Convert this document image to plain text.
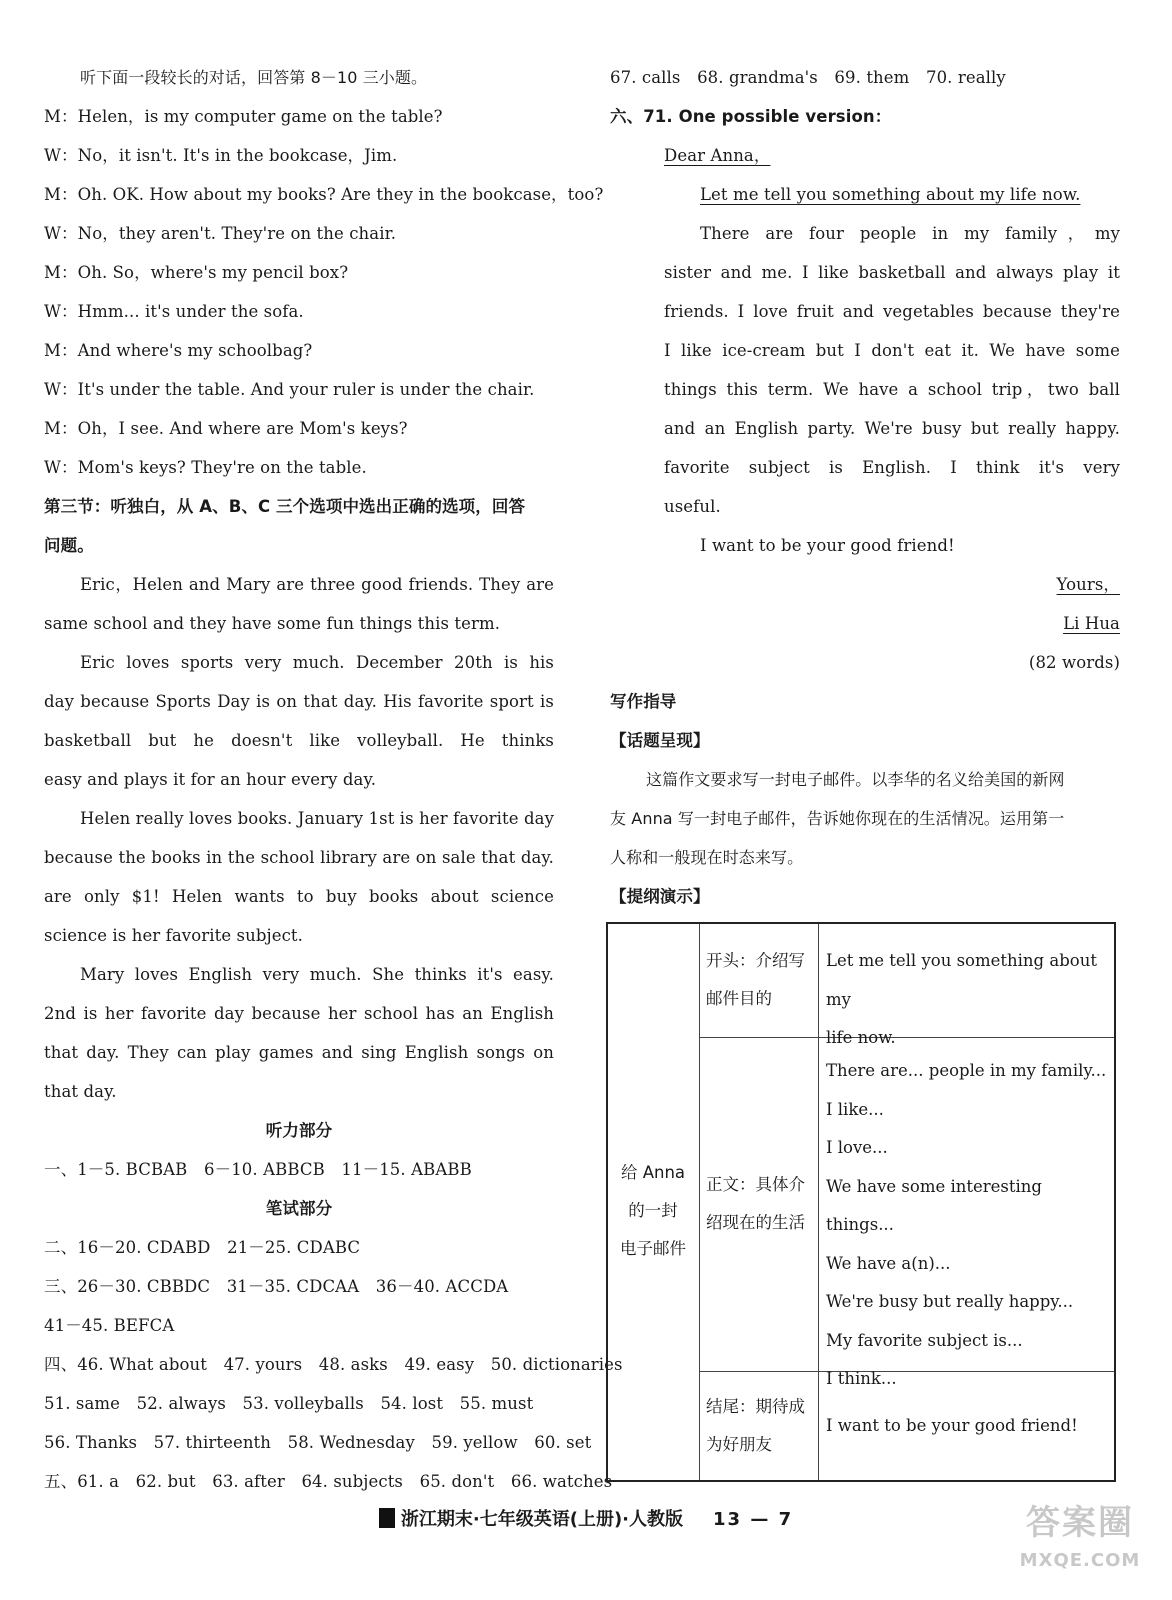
听下面一段较长的对话，回答第 8－10 三小题。
M：Helen，is my computer game on the table?
W：No，it isn't. It's in the bookcase，Jim.
M：Oh. OK. How about my books? Are they in the bookcase，too?
W：No，they aren't. They're on the chair.
M：Oh. So，where's my pencil box?
W：Hmm... it's under the sofa.
M：And where's my schoolbag?
W：It's under the table. And your ruler is under the chair.
M：Oh，I see. And where are Mom's keys?
W：Mom's keys? They're on the table.
第三节：听独白，从 A、B、C 三个选项中选出正确的选项，回答
问题。
Eric，Helen and Mary are three good friends. They are
same school and they have some fun things this term.
Eric loves sports very much. December 20th is his
day because Sports Day is on that day. His favorite sport is
basketball but he doesn't like volleyball. He thinks
easy and plays it for an hour every day.
Helen really loves books. January 1st is her favorite day
because the books in the school library are on sale that day.
are only $1! Helen wants to buy books about science
science is her favorite subject.
Mary loves English very much. She thinks it's easy.
2nd is her favorite day because her school has an English
that day. They can play games and sing English songs on
that day.
听力部分
一、1－5. BCBAB　6－10. ABBCB　11－15. ABABB
笔试部分
二、16－20. CDABD　21－25. CDABC
三、26－30. CBBDC　31－35. CDCAA　36－40. ACCDA
41－45. BEFCA
四、46. What about　47. yours　48. asks　49. easy　50. dictionaries
51. same　52. always　53. volleyballs　54. lost　55. must
56. Thanks　57. thirteenth　58. Wednesday　59. yellow　60. set
五、61. a　62. but　63. after　64. subjects　65. don't　66. watches
67. calls　68. grandma's　69. them　70. really
六、71. One possible version：
Dear Anna，
Let me tell you something about my life now.
There are four people in my family，my
sister and me. I like basketball and always play it
friends. I love fruit and vegetables because they're
I like ice-cream but I don't eat it. We have some
things this term. We have a school trip，two ball
and an English party. We're busy but really happy.
favorite subject is English. I think it's very
useful.
I want to be your good friend!
Yours，
Li Hua
(82 words)
写作指导
【话题呈现】
这篇作文要求写一封电子邮件。以李华的名义给美国的新网
友 Anna 写一封电子邮件，告诉她你现在的生活情况。运用第一
人称和一般现在时态来写。
【提纲演示】
给 Anna
的一封
电子邮件
开头：介绍写
邮件目的
Let me tell you something about my
life now.
正文：具体介
绍现在的生活
There are... people in my family...
I like...
I love...
We have some interesting things...
We have a(n)...
We're busy but really happy...
My favorite subject is...
I think...
结尾：期待成
为好朋友
I want to be your good friend!
浙江期末·七年级英语(上册)·人教版 13 — 7	答案圈
MXQE.COM
